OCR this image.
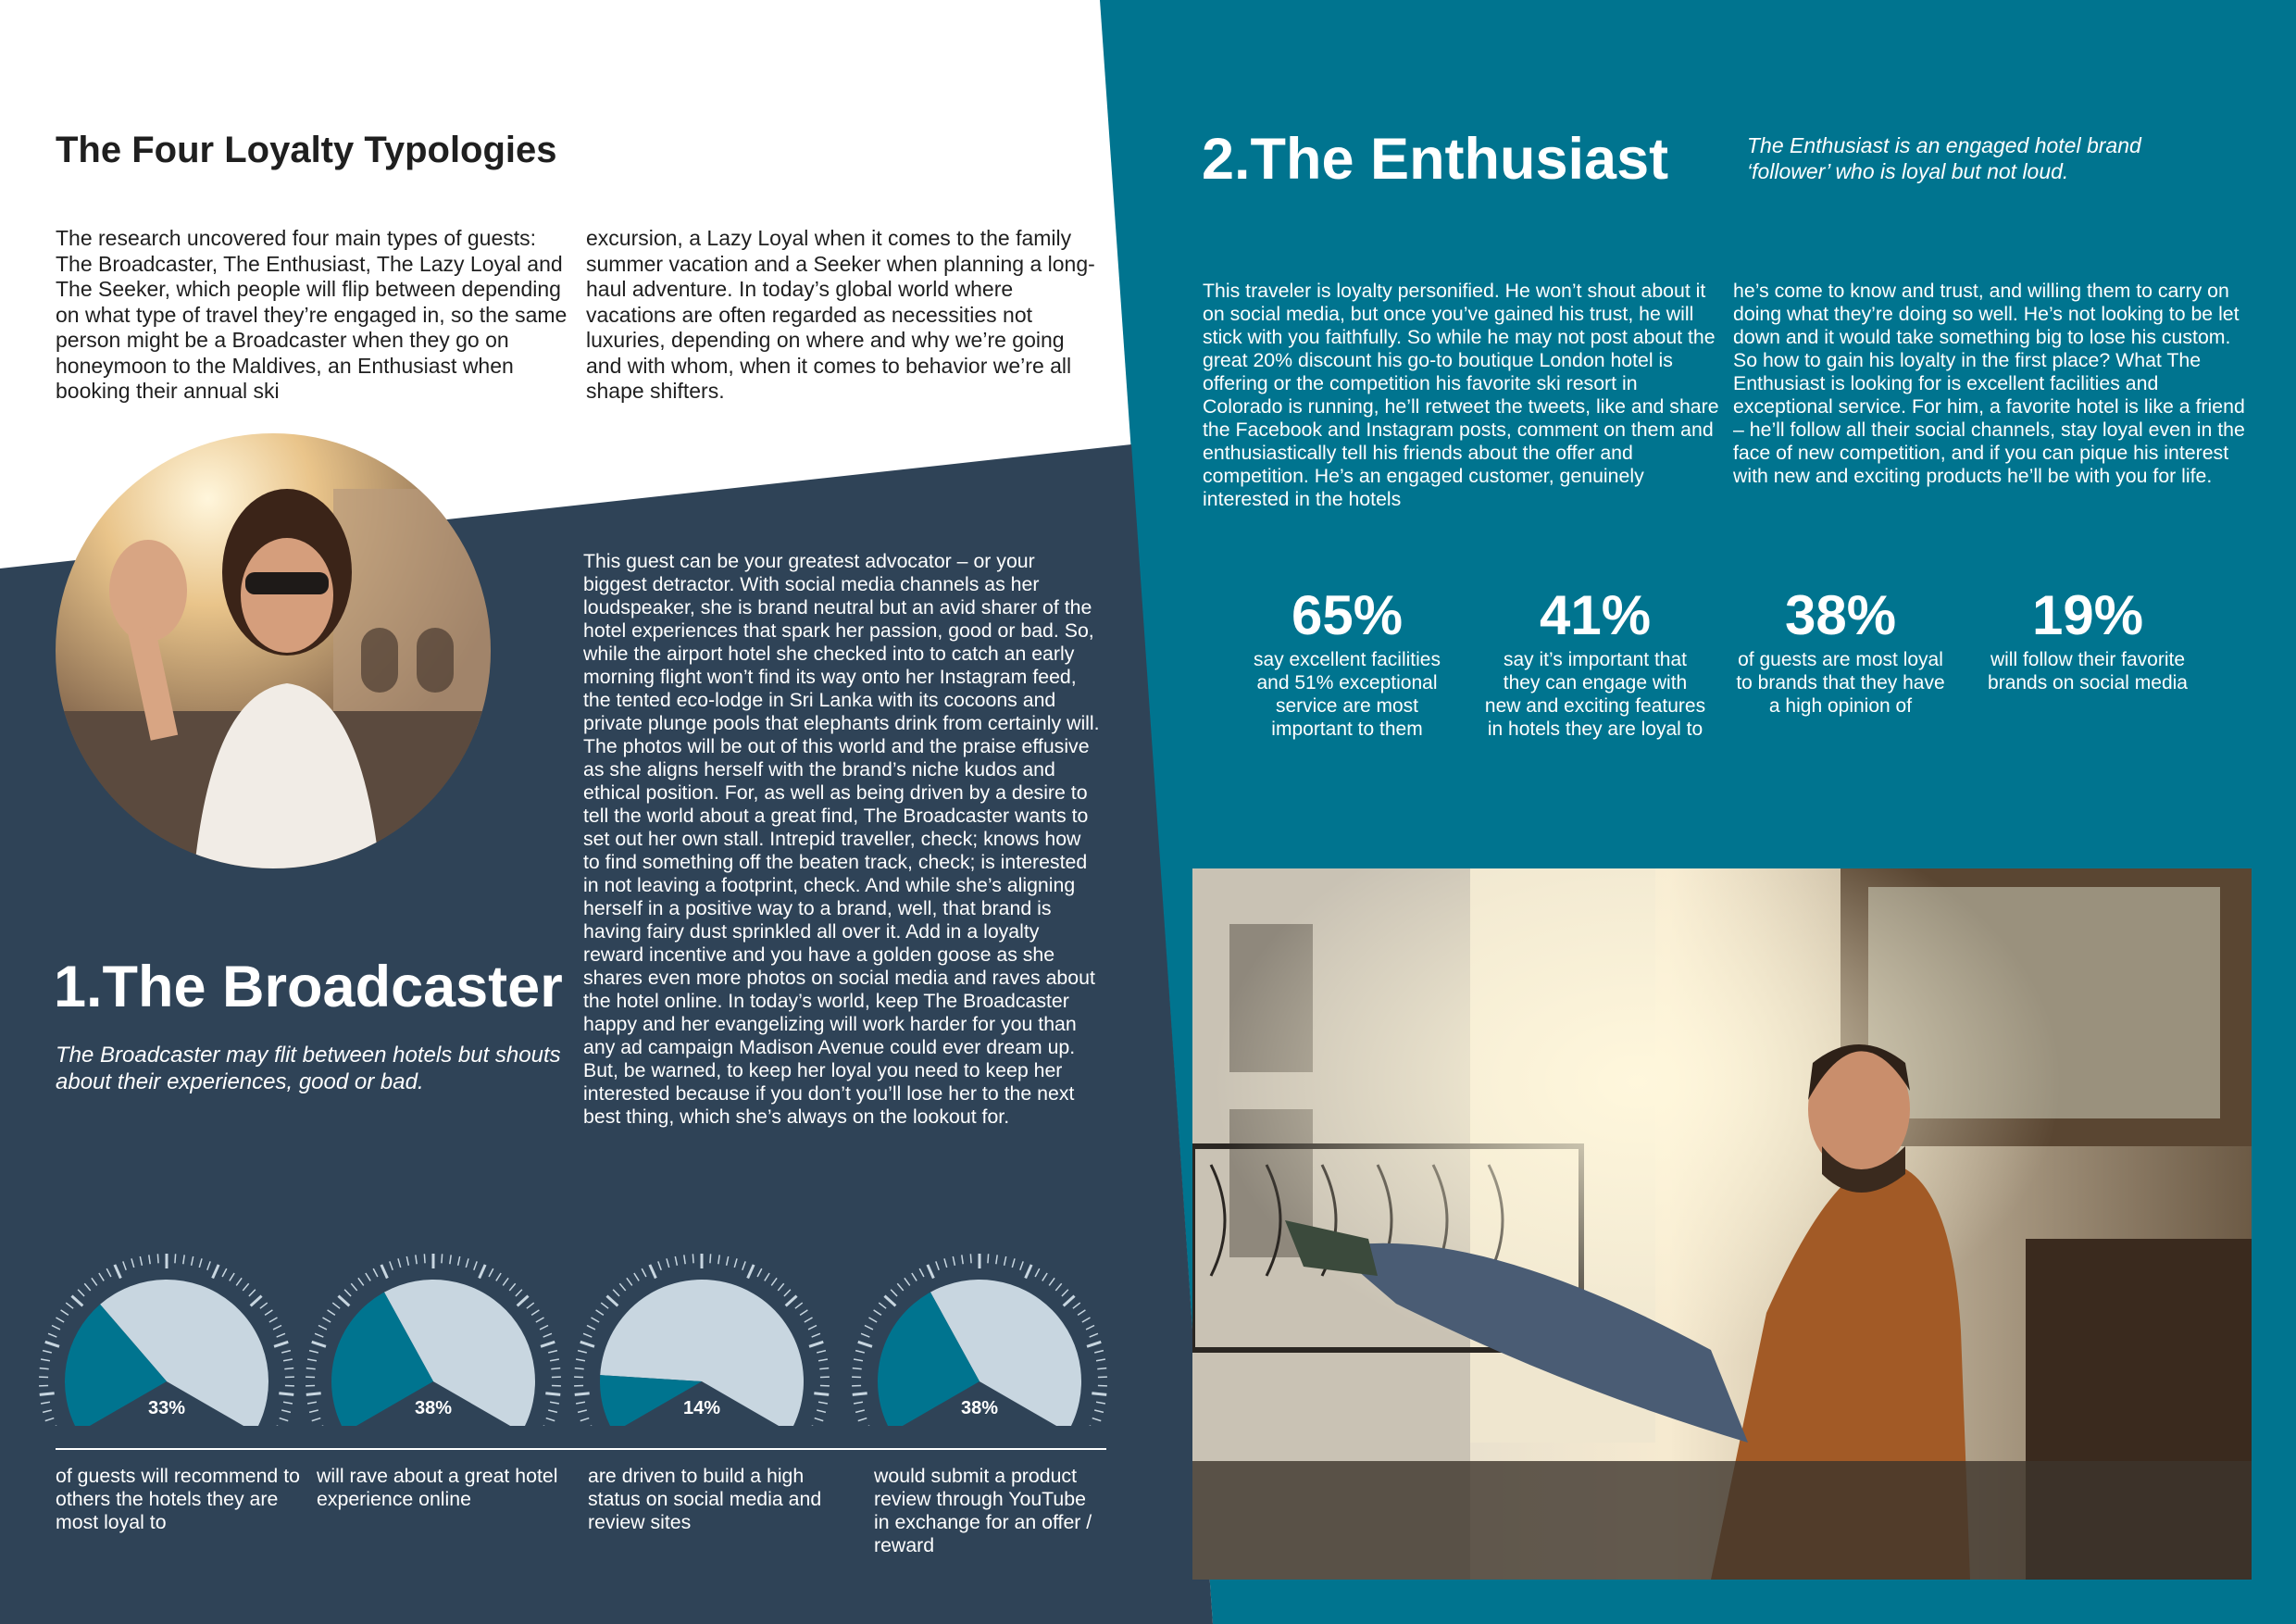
The Four Loyalty Typologies
The research uncovered four main types of guests: The Broadcaster, The Enthusiast, The Lazy Loyal and The Seeker, which people will flip between depending on what type of travel they’re engaged in, so the same person might be a Broadcaster when they go on honeymoon to the Maldives, an Enthusiast when booking their annual ski
excursion, a Lazy Loyal when it comes to the family summer vacation and a Seeker when planning a long-haul adventure. In today’s global world where vacations are often regarded as necessities not luxuries, depending on where and why we’re going and with whom, when it comes to behavior we’re all shape shifters.
1.The Broadcaster
The Broadcaster may flit between hotels but shouts about their experiences, good or bad.
This guest can be your greatest advocator – or your biggest detractor. With social media channels as her loudspeaker, she is brand neutral but an avid sharer of the hotel experiences that spark her passion, good or bad. So, while the airport hotel she checked into to catch an early morning flight won’t find its way onto her Instagram feed, the tented eco-lodge in Sri Lanka with its cocoons and private plunge pools that elephants drink from certainly will. The photos will be out of this world and the praise effusive as she aligns herself with the brand’s niche kudos and ethical position. For, as well as being driven by a desire to tell the world about a great find, The Broadcaster wants to set out her own stall. Intrepid traveller, check; knows how to find something off the beaten track, check; is interested in not leaving a footprint, check. And while she’s aligning herself in a positive way to a brand, well, that brand is having fairy dust sprinkled all over it. Add in a loyalty reward incentive and you have a golden goose as she shares even more photos on social media and raves about the hotel online. In today’s world, keep The Broadcaster happy and her evangelizing will work harder for you than any ad campaign Madison Avenue could ever dream up. But, be warned, to keep her loyal you need to keep her interested because if you don’t you’ll lose her to the next best thing, which she’s always on the lookout for.
33%	38%	14%	38%
of guests will recommend to others the hotels they are most loyal to
will rave about a great hotel experience online
are driven to build a high status on social media and review sites
would submit a product review through YouTube in exchange for an offer / reward
2.The Enthusiast	The Enthusiast is an engaged hotel brand ‘follower’ who is loyal but not loud.
This traveler is loyalty personified. He won’t shout about it on social media, but once you’ve gained his trust, he will stick with you faithfully. So while he may not post about the great 20% discount his go-to boutique London hotel is offering or the competition his favorite ski resort in Colorado is running, he’ll retweet the tweets, like and share the Facebook and Instagram posts, comment on them and enthusiastically tell his friends about the offer and competition. He’s an engaged customer, genuinely interested in the hotels
he’s come to know and trust, and willing them to carry on doing what they’re doing so well. He’s not looking to be let down and it would take something big to lose his custom. So how to gain his loyalty in the first place? What The Enthusiast is looking for is excellent facilities and exceptional service. For him, a favorite hotel is like a friend – he’ll follow all their social channels, stay loyal even in the face of new competition, and if you can pique his interest with new and exciting products he’ll be with you for life.
65%
say excellent facilities and 51% exceptional service are most important to them
41%
say it’s important that they can engage with new and exciting features in hotels they are loyal to
38%
of guests are most loyal to brands that they have a high opinion of
19%
will follow their favorite brands on social media
